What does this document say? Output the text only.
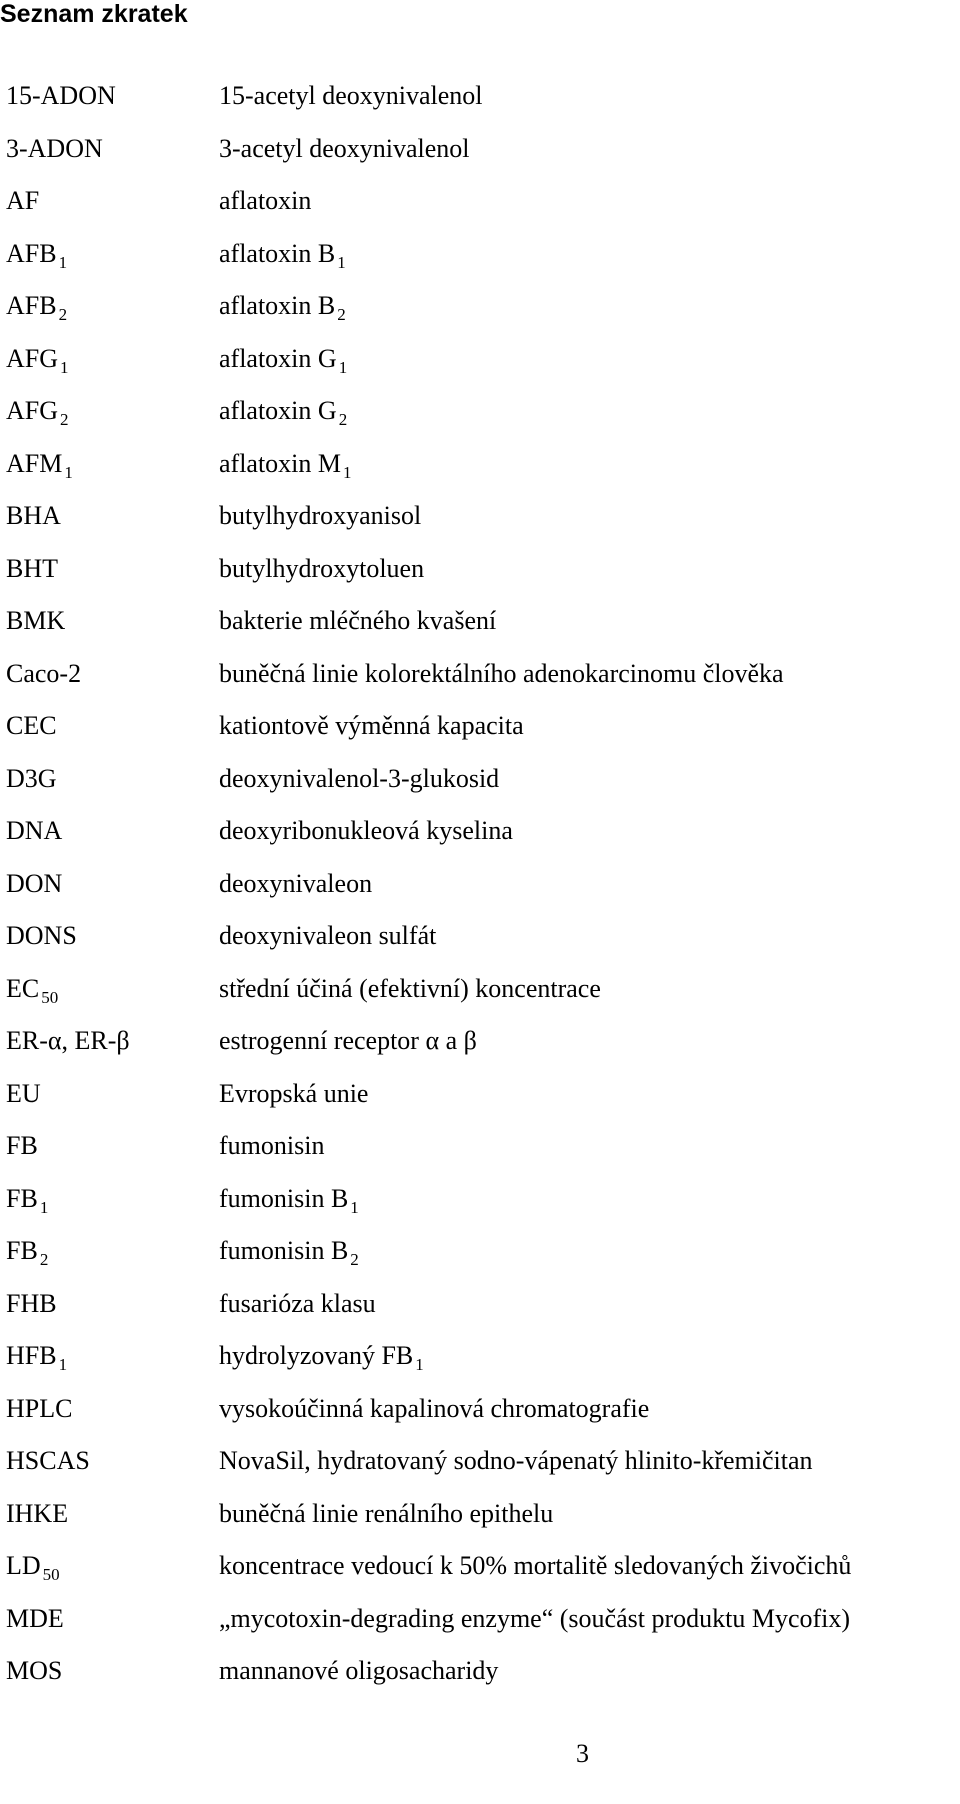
Seznam zkratek
15-ADON	15-acetyl deoxynivalenol
3-ADON	3-acetyl deoxynivalenol
AF	aflatoxin
AFB $_1$	aflatoxin B $_1$
AFB $_2$	aflatoxin B $_2$
AFG $_1$	aflatoxin G $_1$
AFG $_2$	aflatoxin G $_2$
AFM $_1$	aflatoxin M $_1$
BHA	butylhydroxyanisol
BHT	butylhydroxytoluen
BMK	bakterie mléčného kvašení
Caco-2	buněčná linie kolorektálního adenokarcinomu člověka
CEC	kationtově výměnná kapacita
D3G	deoxynivalenol-3-glukosid
DNA	deoxyribonukleová kyselina
DON	deoxynivaleon
DONS	deoxynivaleon sulfát
EC $_{50}$	střední účiná (efektivní) koncentrace
ER-α, ER-β	estrogenní receptor α a β
EU	Evropská unie
FB	fumonisin
FB $_1$	fumonisin B $_1$
FB $_2$	fumonisin B $_2$
FHB	fusarióza klasu
HFB $_1$	hydrolyzovaný FB $_1$
HPLC	vysokoúčinná kapalinová chromatografie
HSCAS	NovaSil, hydratovaný sodno-vápenatý hlinito-křemičitan
IHKE	buněčná linie renálního epithelu
LD $_{50}$	koncentrace vedoucí k 50% mortalitě sledovaných živočichů
MDE	„mycotoxin-degrading enzyme“ (součást produktu Mycofix)
MOS	mannanové oligosacharidy
3
